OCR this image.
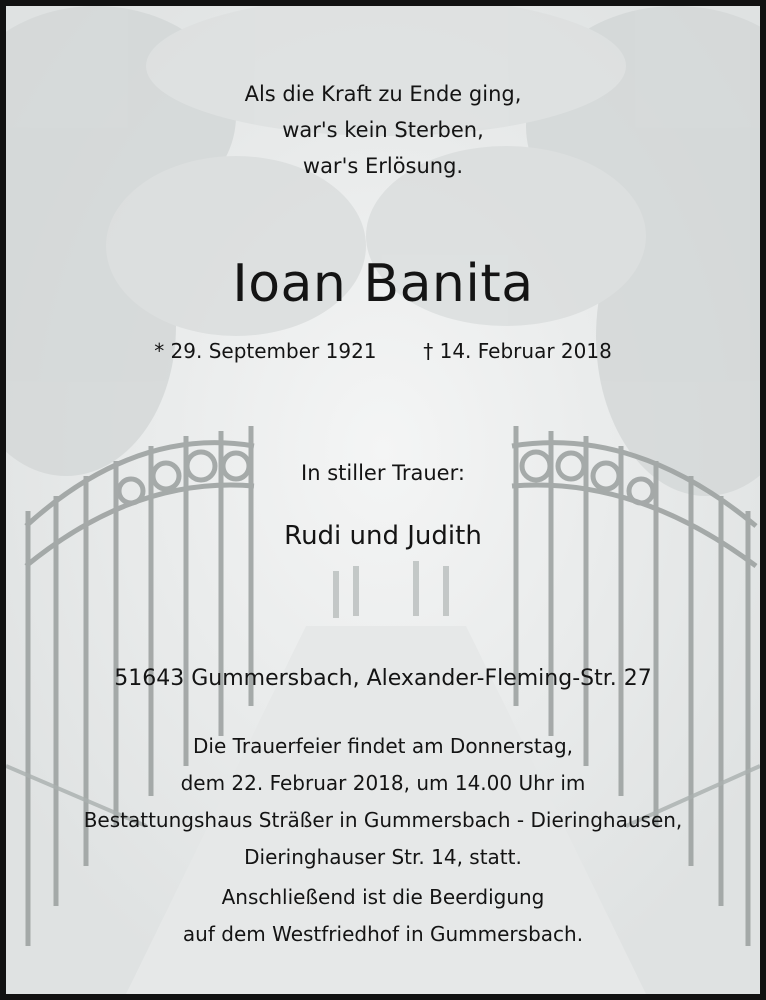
Als die Kraft zu Ende ging,
war's kein Sterben,
war's Erlösung.
Ioan Banita
* 29. September 1921 † 14. Februar 2018
In stiller Trauer:
Rudi und Judith
51643 Gummersbach, Alexander-Fleming-Str. 27
Die Trauerfeier findet am Donnerstag,
dem 22. Februar 2018, um 14.00 Uhr im
Bestattungshaus Sträßer in Gummersbach - Dieringhausen,
Dieringhauser Str. 14, statt.
Anschließend ist die Beerdigung
auf dem Westfriedhof in Gummersbach.
